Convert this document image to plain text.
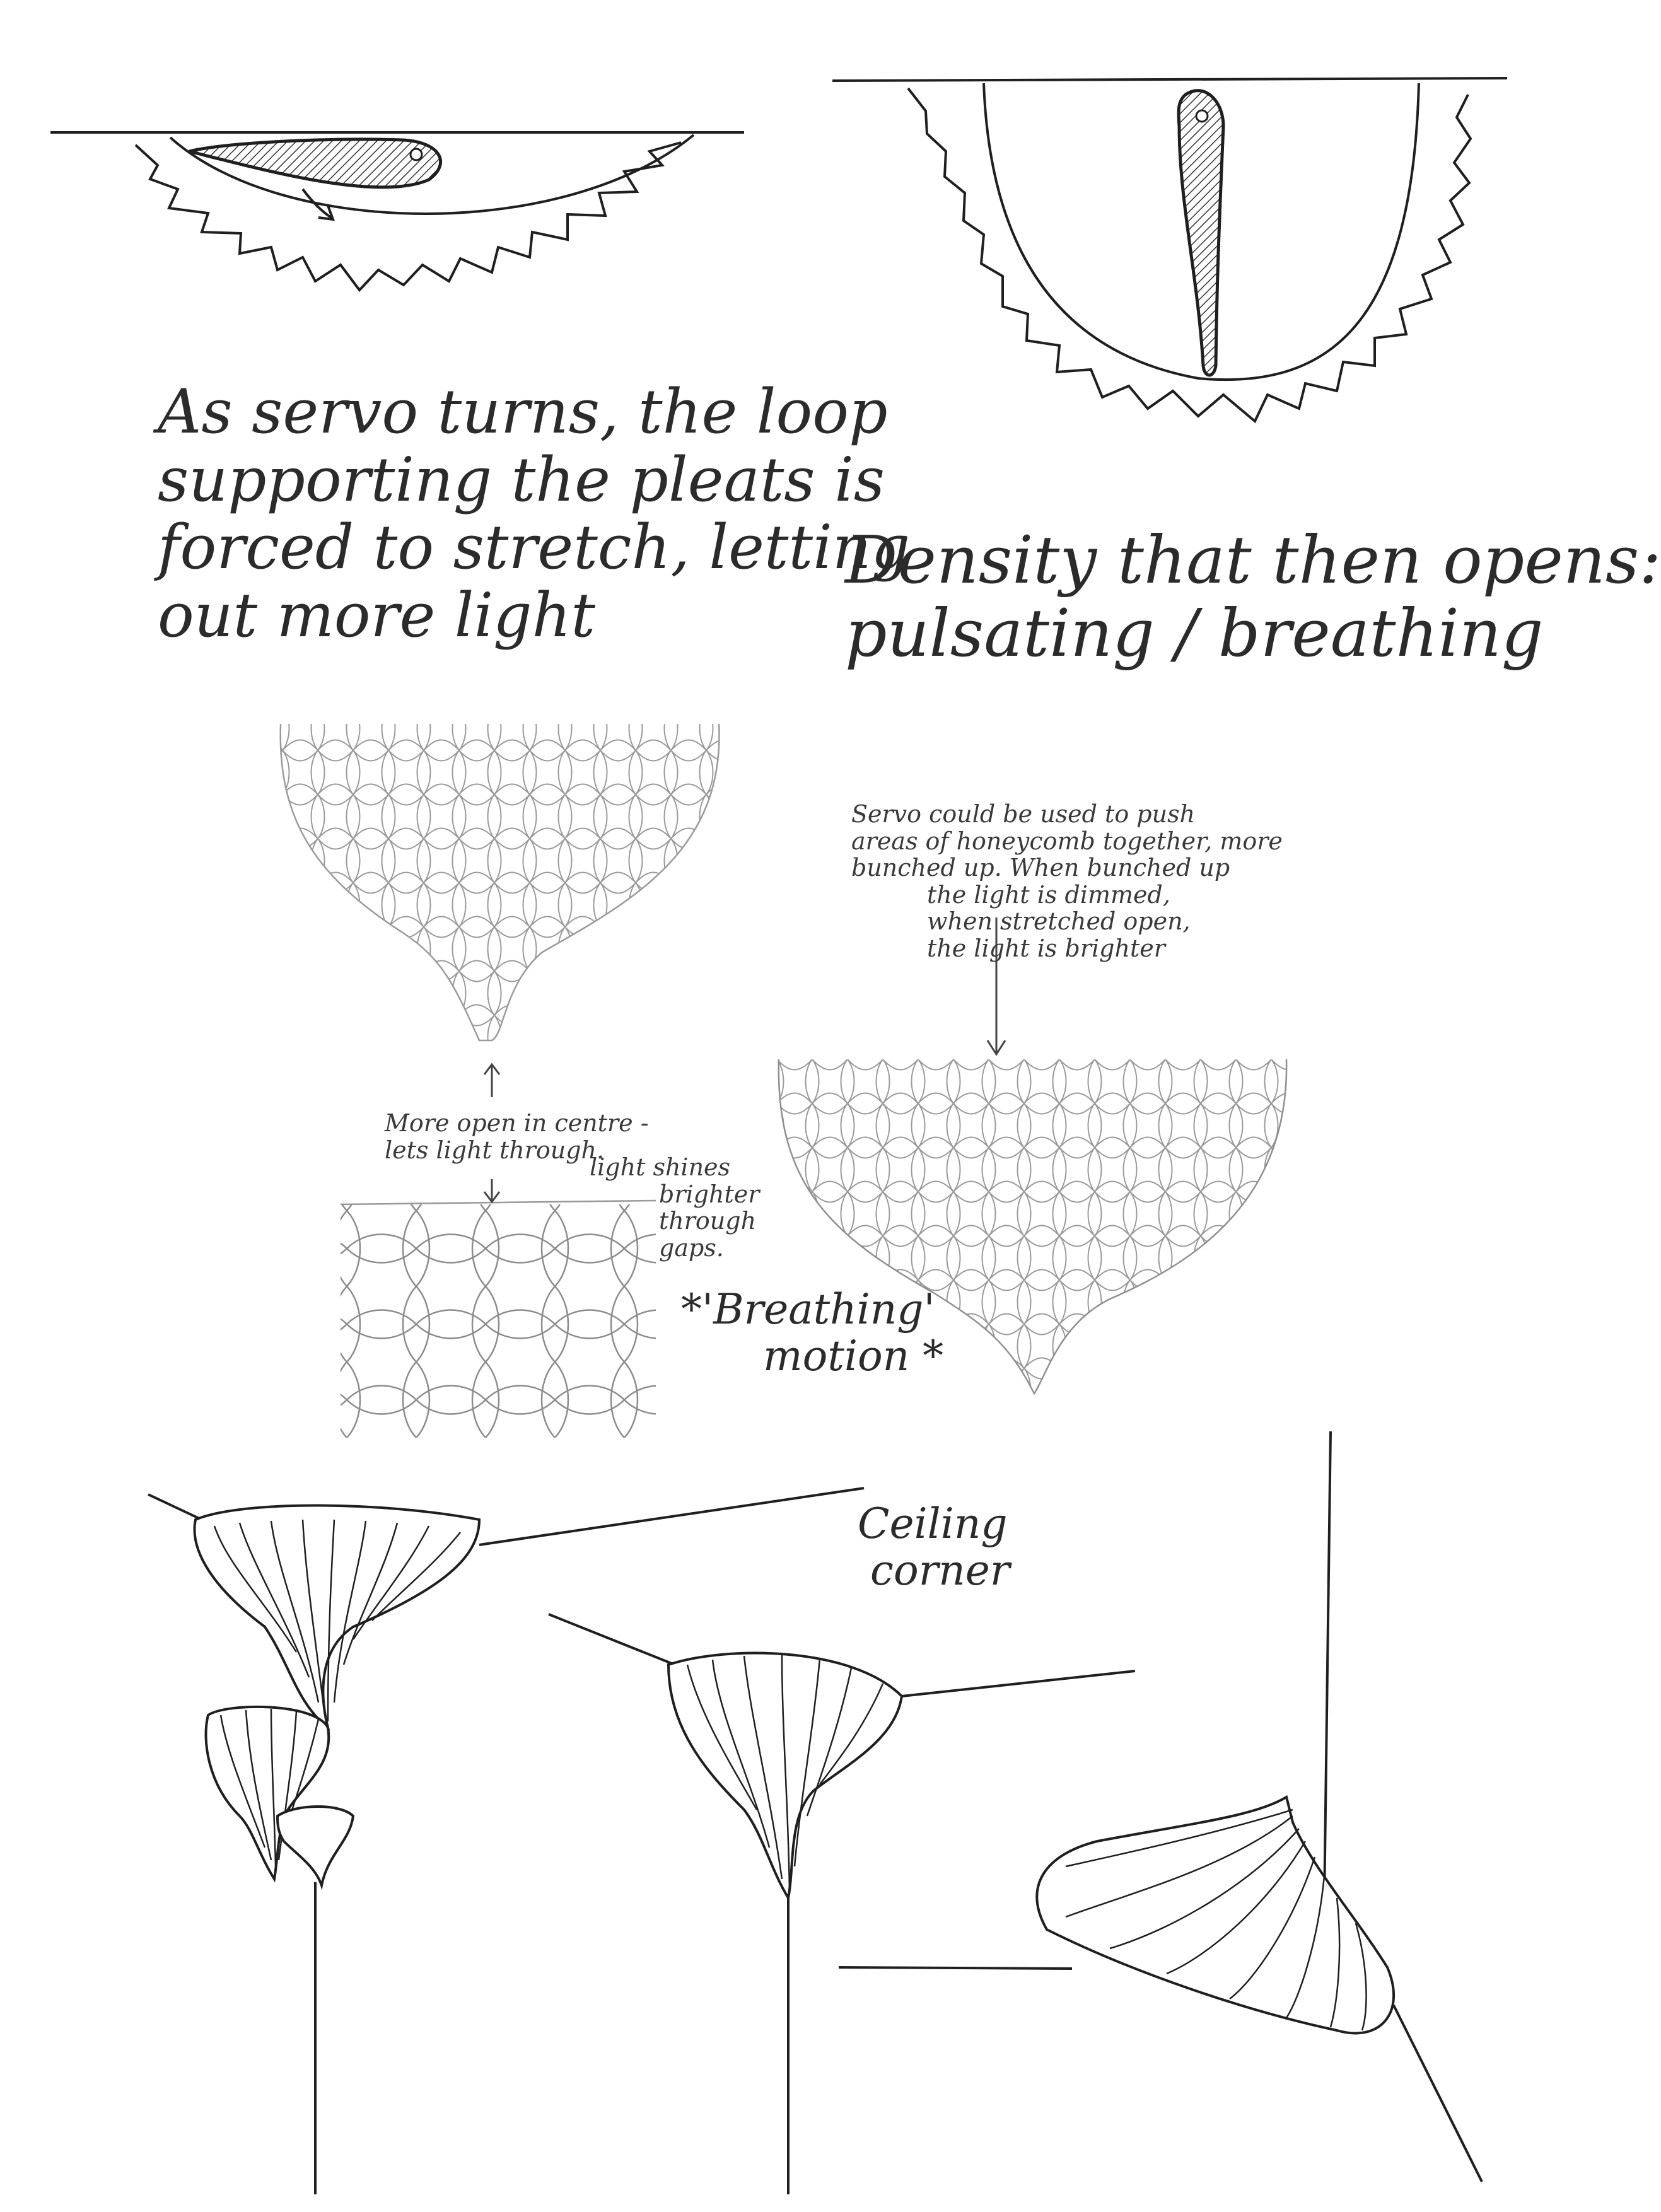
As servo turns, the loop
supporting the pleats is
forced to stretch, letting
out more light
Density that then opens:
pulsating / breathing
Servo could be used to push
areas of honeycomb together, more
bunched up. When bunched up
the light is dimmed,
when stretched open,
the light is brighter
More open in centre -
lets light through.
light shines
brighter
through
gaps.
*'Breathing'
motion *
Ceiling
corner
